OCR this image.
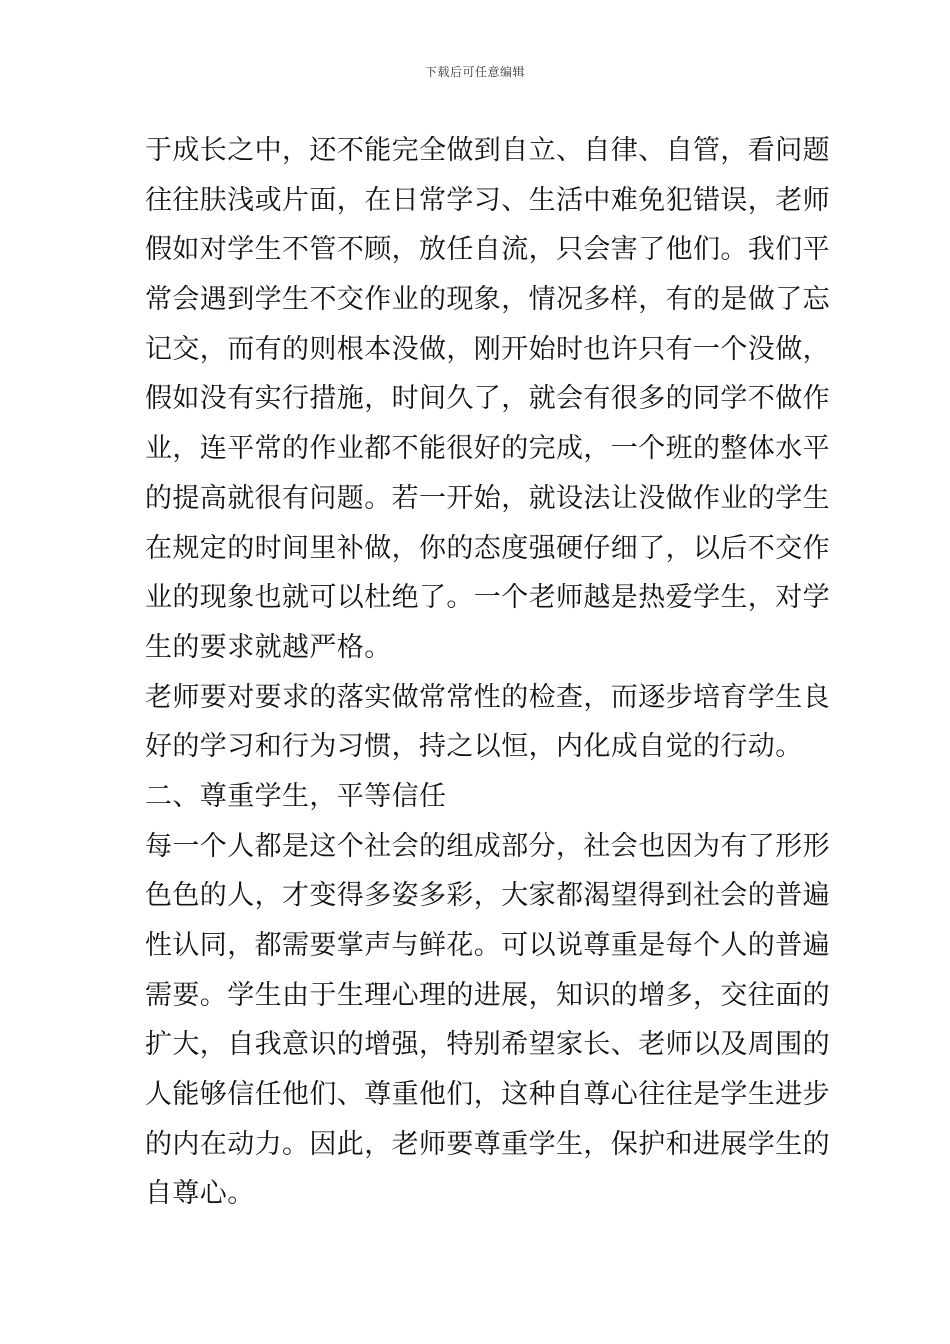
下载后可任意编辑
于成长之中，还不能完全做到自立、自律、自管，看问题
往往肤浅或片面，在日常学习、生活中难免犯错误，老师
假如对学生不管不顾，放任自流，只会害了他们。我们平
常会遇到学生不交作业的现象，情况多样，有的是做了忘
记交，而有的则根本没做，刚开始时也许只有一个没做，
假如没有实行措施，时间久了，就会有很多的同学不做作
业，连平常的作业都不能很好的完成，一个班的整体水平
的提高就很有问题。若一开始，就设法让没做作业的学生
在规定的时间里补做，你的态度强硬仔细了，以后不交作
业的现象也就可以杜绝了。一个老师越是热爱学生，对学
生的要求就越严格。
老师要对要求的落实做常常性的检查，而逐步培育学生良
好的学习和行为习惯，持之以恒，内化成自觉的行动。
二、尊重学生，平等信任
每一个人都是这个社会的组成部分，社会也因为有了形形
色色的人，才变得多姿多彩，大家都渴望得到社会的普遍
性认同，都需要掌声与鲜花。可以说尊重是每个人的普遍
需要。学生由于生理心理的进展，知识的增多，交往面的
扩大，自我意识的增强，特别希望家长、老师以及周围的
人能够信任他们、尊重他们，这种自尊心往往是学生进步
的内在动力。因此，老师要尊重学生，保护和进展学生的
自尊心。
